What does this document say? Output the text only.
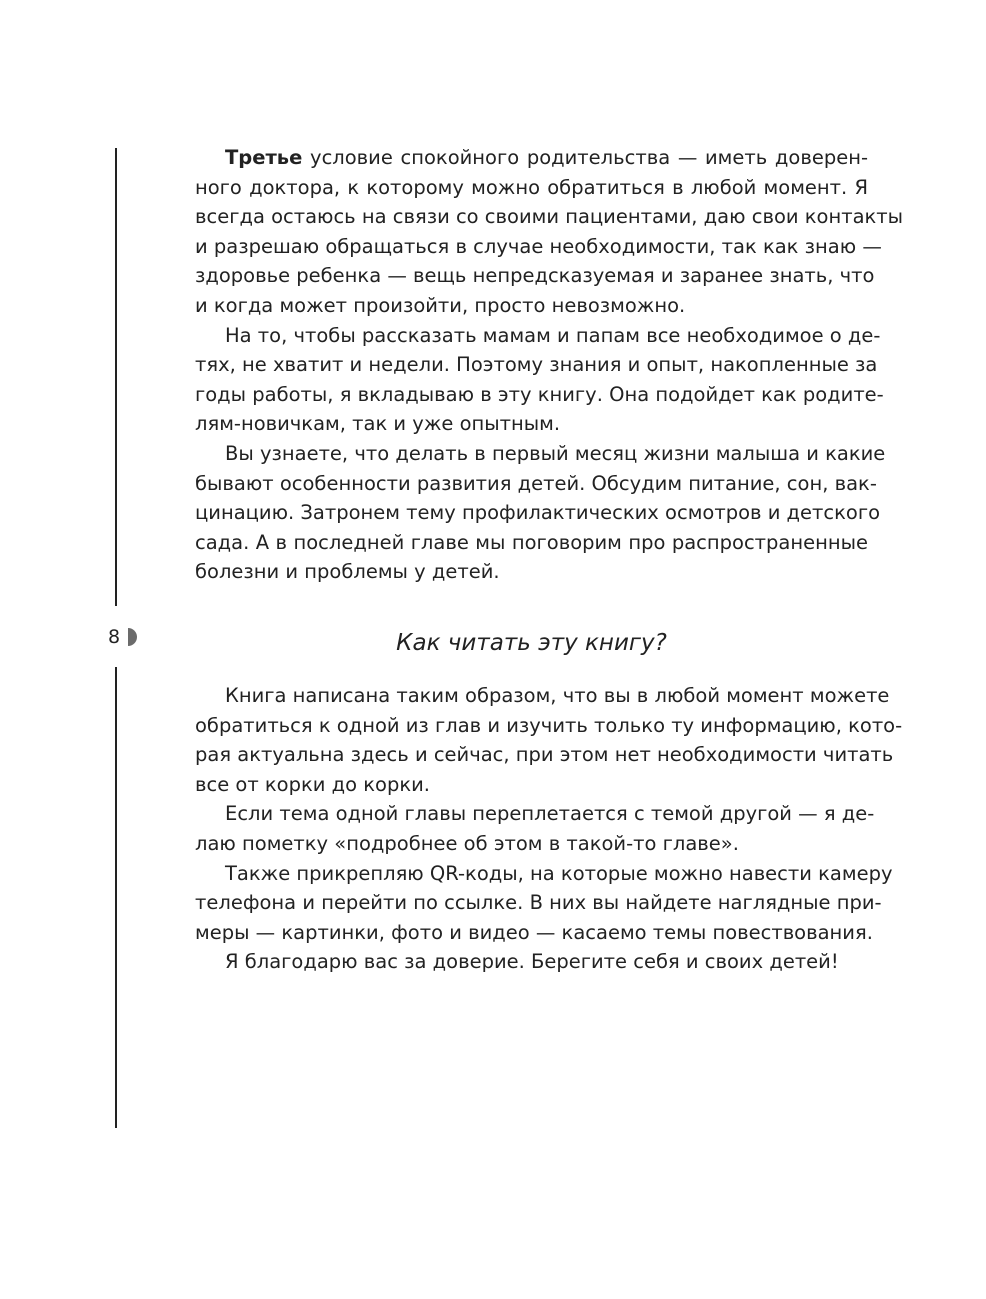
8
Третье условие спокойного родительства — иметь доверен-
ного доктора, к которому можно обратиться в любой момент. Я
всегда остаюсь на связи со своими пациентами, даю свои контакты
и разрешаю обращаться в случае необходимости, так как знаю —
здоровье ребенка — вещь непредсказуемая и заранее знать, что
и когда может произойти, просто невозможно.
На то, чтобы рассказать мамам и папам все необходимое о де-
тях, не хватит и недели. Поэтому знания и опыт, накопленные за
годы работы, я вкладываю в эту книгу. Она подойдет как родите-
лям-новичкам, так и уже опытным.
Вы узнаете, что делать в первый месяц жизни малыша и какие
бывают особенности развития детей. Обсудим питание, сон, вак-
цинацию. Затронем тему профилактических осмотров и детского
сада. А в последней главе мы поговорим про распространенные
болезни и проблемы у детей.
Как читать эту книгу?
Книга написана таким образом, что вы в любой момент можете
обратиться к одной из глав и изучить только ту информацию, кото-
рая актуальна здесь и сейчас, при этом нет необходимости читать
все от корки до корки.
Если тема одной главы переплетается с темой другой — я де-
лаю пометку «подробнее об этом в такой-то главе».
Также прикрепляю QR-коды, на которые можно навести камеру
телефона и перейти по ссылке. В них вы найдете наглядные при-
меры — картинки, фото и видео — касаемо темы повествования.
Я благодарю вас за доверие. Берегите себя и своих детей!
